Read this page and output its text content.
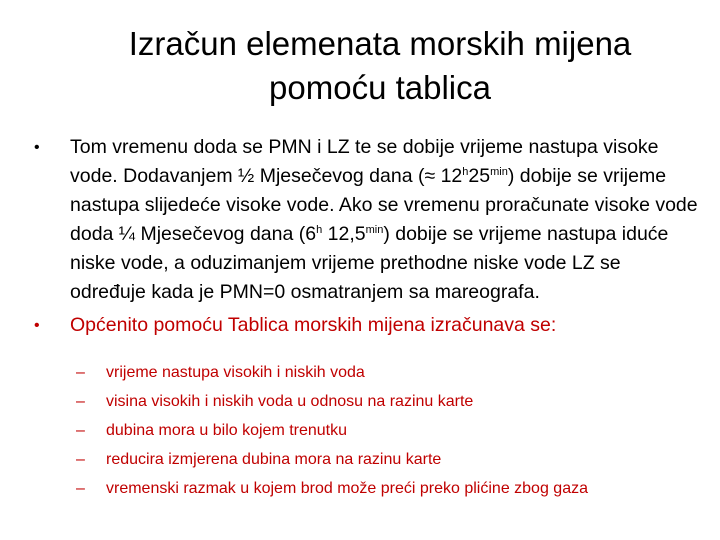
Izračun elemenata morskih mijena
pomoću tablica

• Tom vremenu doda se PMN i LZ te se dobije vrijeme nastupa visoke vode. Dodavanjem ½ Mjesečevog dana (≈ $12^h25^{min}$) dobije se vrijeme nastupa slijedeće visoke vode. Ako se vremenu proračunate visoke vode doda ¼ Mjesečevog dana (6$^h$ $12,5^{min}$) dobije se vrijeme nastupa iduće niske vode, a oduzimanjem vrijeme prethodne niske vode LZ se određuje kada je PMN=0 osmatranjem sa mareografa.

• Općenito pomoću Tablica morskih mijena izračunava se:

– vrijeme nastupa visokih i niskih voda
– visina visokih i niskih voda u odnosu na razinu karte
– dubina mora u bilo kojem trenutku
– reducira izmjerena dubina mora na razinu karte
– vremenski razmak u kojem brod može preći preko plićine zbog gaza
